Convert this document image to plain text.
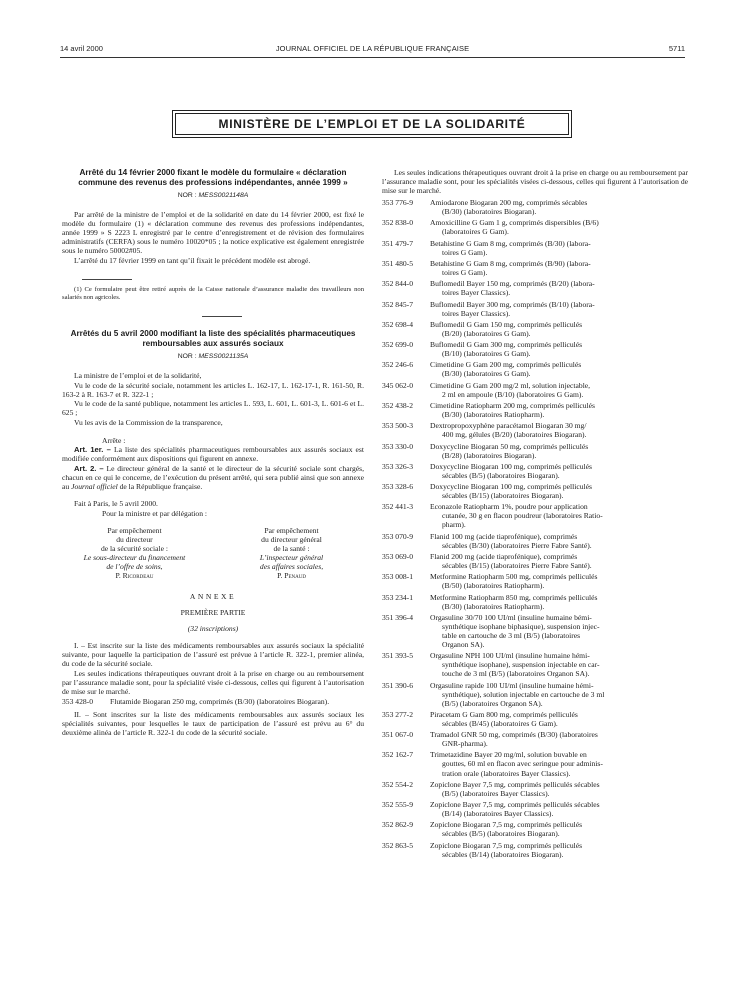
14 avril 2000	JOURNAL OFFICIEL DE LA RÉPUBLIQUE FRANÇAISE	5711
MINISTÈRE DE L’EMPLOI ET DE LA SOLIDARITÉ
Arrêté du 14 février 2000 fixant le modèle du formulaire « déclaration commune des revenus des professions indépendantes, année 1999 »
NOR : MESS0021148A

Par arrêté de la ministre de l’emploi et de la solidarité en date du 14 février 2000, est fixé le modèle du formulaire (1) « déclaration commune des revenus des professions indépendantes, année 1999 » S 2223 L enregistré par le centre d’enregistrement et de révision des formulaires administratifs (CERFA) sous le numéro 10020*05 ; la notice explicative est également enregistrée sous le numéro 50002#05.

L’arrêté du 17 février 1999 en tant qu’il fixait le précédent modèle est abrogé.

(1) Ce formulaire peut être retiré auprès de la Caisse nationale d’assurance maladie des travailleurs non salariés non agricoles.

Arrêtés du 5 avril 2000 modifiant la liste des spécialités pharmaceutiques remboursables aux assurés sociaux
NOR : MESS0021135A

La ministre de l’emploi et de la solidarité,

Vu le code de la sécurité sociale, notamment les articles L. 162-17, L. 162-17-1, R. 161-50, R. 163-2 à R. 163-7 et R. 322-1 ;

Vu le code de la santé publique, notamment les articles L. 593, L. 601, L. 601-3, L. 601-6 et L. 625 ;

Vu les avis de la Commission de la transparence,

Arrête :

Art. 1er. – La liste des spécialités pharmaceutiques remboursables aux assurés sociaux est modifiée conformément aux dispositions qui figurent en annexe.

Art. 2. – Le directeur général de la santé et le directeur de la sécurité sociale sont chargés, chacun en ce qui le concerne, de l’exécution du présent arrêté, qui sera publié ainsi que son annexe au Journal officiel de la République française.

Fait à Paris, le 5 avril 2000.

Pour la ministre et par délégation :

Par empêchement
du directeur
de la sécurité sociale :
Le sous-directeur du financement
de l’offre de soins,
P. Ricordeau
Par empêchement
du directeur général
de la santé :
L’inspecteur général
des affaires sociales,
P. Penaud
ANNEXE
PREMIÈRE PARTIE
(32 inscriptions)

I. – Est inscrite sur la liste des médicaments remboursables aux assurés sociaux la spécialité suivante, pour laquelle la participation de l’assuré est prévue à l’article R. 322-1, premier alinéa, du code de la sécurité sociale.

Les seules indications thérapeutiques ouvrant droit à la prise en charge ou au remboursement par l’assurance maladie sont, pour la spécialité visée ci-dessous, celles qui figurent à l’autorisation de mise sur le marché.

353 428-0	Flutamide Biogaran 250 mg, comprimés (B/30) (laboratoires Biogaran).

II. – Sont inscrites sur la liste des médicaments remboursables aux assurés sociaux les spécialités suivantes, pour lesquelles le taux de participation de l’assuré est prévu au 6° du deuxième alinéa de l’article R. 322-1 du code de la sécurité sociale.

Les seules indications thérapeutiques ouvrant droit à la prise en charge ou au remboursement par l’assurance maladie sont, pour les spécialités visées ci-dessous, celles qui figurent à l’autorisation de mise sur le marché.

353 776-9	Amiodarone Biogaran 200 mg, comprimés sécables
(B/30) (laboratoires Biogaran).
352 838-0	Amoxicilline G Gam 1 g, comprimés dispersibles (B/6)
(laboratoires G Gam).
351 479-7	Betahistine G Gam 8 mg, comprimés (B/30) (labora-
toires G Gam).
351 480-5	Betahistine G Gam 8 mg, comprimés (B/90) (labora-
toires G Gam).
352 844-0	Buflomedil Bayer 150 mg, comprimés (B/20) (labora-
toires Bayer Classics).
352 845-7	Buflomedil Bayer 300 mg, comprimés (B/10) (labora-
toires Bayer Classics).
352 698-4	Buflomedil G Gam 150 mg, comprimés pelliculés
(B/20) (laboratoires G Gam).
352 699-0	Buflomedil G Gam 300 mg, comprimés pelliculés
(B/10) (laboratoires G Gam).
352 246-6	Cimetidine G Gam 200 mg, comprimés pelliculés
(B/30) (laboratoires G Gam).
345 062-0	Cimetidine G Gam 200 mg/2 ml, solution injectable,
2 ml en ampoule (B/10) (laboratoires G Gam).
352 438-2	Cimetidine Ratiopharm 200 mg, comprimés pelliculés
(B/30) (laboratoires Ratiopharm).
353 500-3	Dextropropoxyphène paracétamol Biogaran 30 mg/
400 mg, gélules (B/20) (laboratoires Biogaran).
353 330-0	Doxycycline Biogaran 50 mg, comprimés pelliculés
(B/28) (laboratoires Biogaran).
353 326-3	Doxycycline Biogaran 100 mg, comprimés pelliculés
sécables (B/5) (laboratoires Biogaran).
353 328-6	Doxycycline Biogaran 100 mg, comprimés pelliculés
sécables (B/15) (laboratoires Biogaran).
352 441-3	Econazole Ratiopharm 1%, poudre pour application
cutanée, 30 g en flacon poudreur (laboratoires Ratio-
pharm).
353 070-9	Flanid 100 mg (acide tiaprofénique), comprimés
sécables (B/30) (laboratoires Pierre Fabre Santé).
353 069-0	Flanid 200 mg (acide tiaprofénique), comprimés
sécables (B/15) (laboratoires Pierre Fabre Santé).
353 008-1	Metformine Ratiopharm 500 mg, comprimés pelliculés
(B/50) (laboratoires Ratiopharm).
353 234-1	Metformine Ratiopharm 850 mg, comprimés pelliculés
(B/30) (laboratoires Ratiopharm).
351 396-4	Orgasuline 30/70 100 UI/ml (insuline humaine bémi-
synthétique isophane biphasique), suspension injec-
table en cartouche de 3 ml (B/5) (laboratoires
Organon SA).
351 393-5	Orgasuline NPH 100 UI/ml (insuline humaine hémi-
synthétique isophane), suspension injectable en car-
touche de 3 ml (B/5) (laboratoires Organon SA).
351 390-6	Orgasuline rapide 100 UI/ml (insuline humaine hémi-
synthétique), solution injectable en cartouche de 3 ml
(B/5) (laboratoires Organon SA).
353 277-2	Piracetam G Gam 800 mg, comprimés pelliculés
sécables (B/45) (laboratoires G Gam).
351 067-0	Tramadol GNR 50 mg, comprimés (B/30) (laboratoires
GNR-pharma).
352 162-7	Trimetazidine Bayer 20 mg/ml, solution buvable en
gouttes, 60 ml en flacon avec seringue pour adminis-
tration orale (laboratoires Bayer Classics).
352 554-2	Zopiclone Bayer 7,5 mg, comprimés pelliculés sécables
(B/5) (laboratoires Bayer Classics).
352 555-9	Zopiclone Bayer 7,5 mg, comprimés pelliculés sécables
(B/14) (laboratoires Bayer Classics).
352 862-9	Zopiclone Biogaran 7,5 mg, comprimés pelliculés
sécables (B/5) (laboratoires Biogaran).
352 863-5	Zopiclone Biogaran 7,5 mg, comprimés pelliculés
sécables (B/14) (laboratoires Biogaran).
